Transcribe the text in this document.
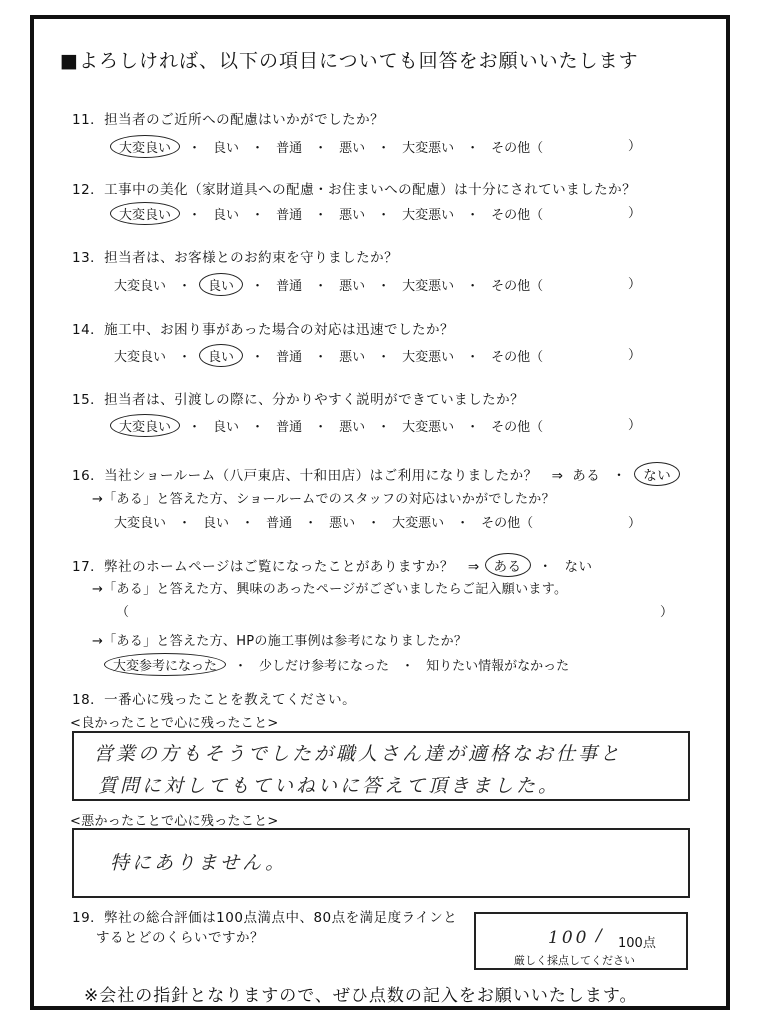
■よろしければ、以下の項目についても回答をお願いいたします
11．担当者のご近所への配慮はいかがでしたか？
大変良い ・ 良い ・ 普通 ・ 悪い ・ 大変悪い ・ その他（	）
12．工事中の美化（家財道具への配慮・お住まいへの配慮）は十分にされていましたか？
大変良い ・ 良い ・ 普通 ・ 悪い ・ 大変悪い ・ その他（	）
13．担当者は、お客様とのお約束を守りましたか？
大変良い ・ 良い ・ 普通 ・ 悪い ・ 大変悪い ・ その他（	）
14．施工中、お困り事があった場合の対応は迅速でしたか？
大変良い ・ 良い ・ 普通 ・ 悪い ・ 大変悪い ・ その他（	）
15．担当者は、引渡しの際に、分かりやすく説明ができていましたか？
大変良い ・ 良い ・ 普通 ・ 悪い ・ 大変悪い ・ その他（	）
16．当社ショールーム（八戸東店、十和田店）はご利用になりましたか？　⇒ ある ・ ない
→「ある」と答えた方、ショールームでのスタッフの対応はいかがでしたか？
大変良い ・ 良い ・ 普通 ・ 悪い ・ 大変悪い ・ その他（	）
17．弊社のホームページはご覧になったことがありますか？　⇒ ある ・ ない
→「ある」と答えた方、興味のあったページがございましたらご記入願います。
（	）
→「ある」と答えた方、HPの施工事例は参考になりましたか？
大変参考になった ・ 少しだけ参考になった ・ 知りたい情報がなかった
18．一番心に残ったことを教えてください。
<良かったことで心に残ったこと>
営業の方もそうでしたが職人さん達が適格なお仕事と
質問に対してもていねいに答えて頂きました。
<悪かったことで心に残ったこと>
特にありません。
19．弊社の総合評価は100点満点中、80点を満足度ラインと
するとどのくらいですか？	100 / 100点
厳しく採点してください
※会社の指針となりますので、ぜひ点数の記入をお願いいたします。
